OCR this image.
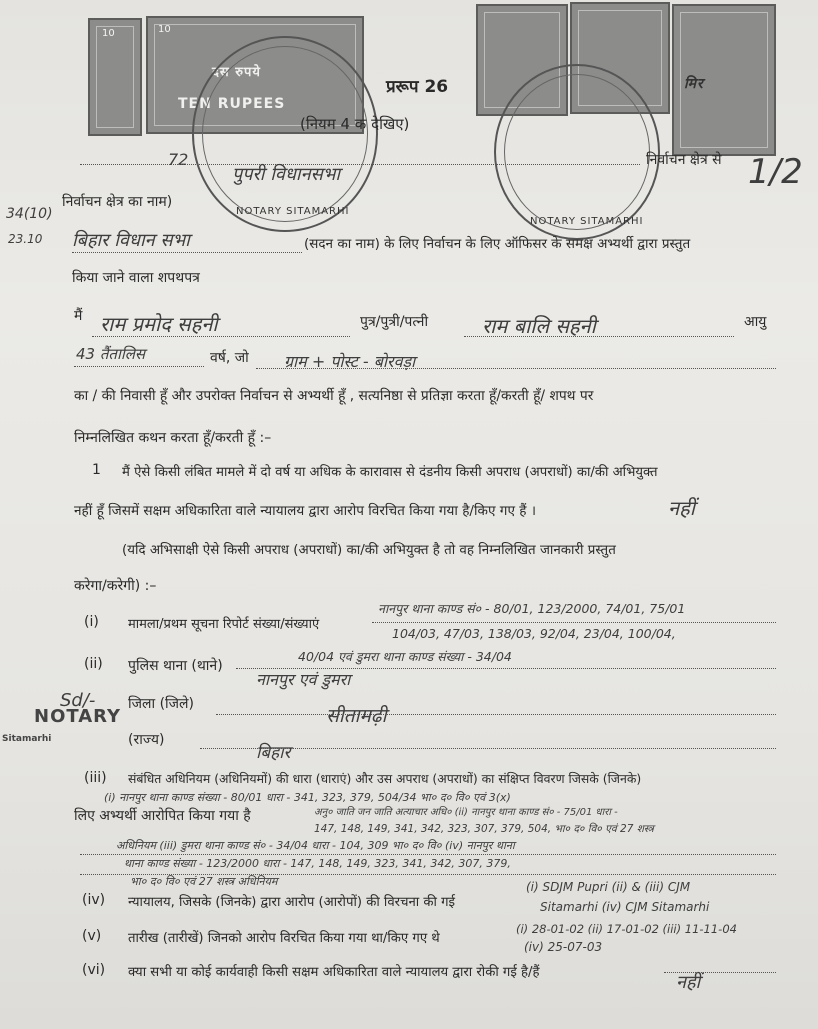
10	10
दस रुपये
TEN RUPEES
मिर
NOTARY SITAMARHI
NOTARY SITAMARHI
प्ररूप 26
(नियम 4 क देखिए)
72	निर्वाचन क्षेत्र से 1/2
निर्वाचन क्षेत्र का नाम)
पुपरी विधानसभा
34(10)
23.10 बिहार विधान सभा	(सदन का नाम) के लिए निर्वाचन के लिए ऑफिसर के समक्ष अभ्यर्थी द्वारा प्रस्तुत
किया जाने वाला शपथपत्र
मैं राम प्रमोद सहनी	पुत्र/पुत्री/पत्नी	राम बालि सहनी	आयु
43 तैंतालिस	वर्ष, जो ग्राम + पोस्ट - बोरवड़ा
का / की निवासी हूँ और उपरोक्त निर्वाचन से अभ्यर्थी हूँ , सत्यनिष्ठा से प्रतिज्ञा करता हूँ/करती हूँ/ शपथ पर
निम्नलिखित कथन करता हूँ/करती हूँ :–
1 मैं ऐसे किसी लंबित मामले में दो वर्ष या अधिक के कारावास से दंडनीय किसी अपराध (अपराधों) का/की अभियुक्त
नहीं हूँ जिसमें सक्षम अधिकारिता वाले न्यायालय द्वारा आरोप विरचित किया गया है/किए गए हैं ।	नहीं
(यदि अभिसाक्षी ऐसे किसी अपराध (अपराधों) का/की अभियुक्त है तो वह निम्नलिखित जानकारी प्रस्तुत
करेगा/करेगी) :–
(i) मामला/प्रथम सूचना रिपोर्ट संख्या/संख्याएं
नानपुर थाना काण्ड सं० - 80/01, 123/2000, 74/01, 75/01
104/03, 47/03, 138/03, 92/04, 23/04, 100/04,
(ii) पुलिस थाना (थाने)
40/04 एवं डुमरा थाना काण्ड संख्या - 34/04
नानपुर एवं डुमरा
Sd/-
NOTARY
Sitamarhi
जिला (जिले)
सीतामढ़ी
(राज्य)
बिहार
(iii) संबंधित अधिनियम (अधिनियमों) की धारा (धाराएं) और उस अपराध (अपराधों) का संक्षिप्त विवरण जिसके (जिनके)
(i) नानपुर थाना काण्ड संख्या - 80/01 धारा - 341, 323, 379, 504/34 भा० द० वि० एवं 3(x)
अनु० जाति जन जाति अत्याचार अधि० (ii) नानपुर थाना काण्ड सं० - 75/01 धारा -
लिए अभ्यर्थी आरोपित किया गया है
147, 148, 149, 341, 342, 323, 307, 379, 504, भा० द० वि० एवं 27 शस्त्र
अधिनियम (iii) डुमरा थाना काण्ड सं० - 34/04 धारा - 104, 309 भा० द० वि० (iv) नानपुर थाना
थाना काण्ड संख्या - 123/2000 धारा - 147, 148, 149, 323, 341, 342, 307, 379,
भा० द० वि० एवं 27 शस्त्र अधिनियम
(iv) न्यायालय, जिसके (जिनके) द्वारा आरोप (आरोपों) की विरचना की गई
(i) SDJM Pupri (ii) & (iii) CJM
Sitamarhi (iv) CJM Sitamarhi
(v) तारीख (तारीखें) जिनको आरोप विरचित किया गया था/किए गए थे
(i) 28-01-02 (ii) 17-01-02 (iii) 11-11-04
(iv) 25-07-03
(vi) क्या सभी या कोई कार्यवाही किसी सक्षम अधिकारिता वाले न्यायालय द्वारा रोकी गई है/हैं	नहीं
